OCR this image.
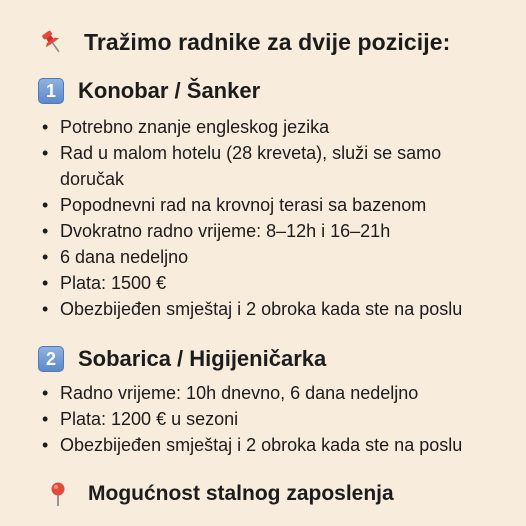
Tražimo radnike za dvije pozicije:
1	Konobar / Šanker
• Potrebno znanje engleskog jezika
• Rad u malom hotelu (28 kreveta), služi se samo doručak
• Popodnevni rad na krovnoj terasi sa bazenom
• Dvokratno radno vrijeme: 8–12h i 16–21h
• 6 dana nedeljno
• Plata: 1500 €
• Obezbijeđen smještaj i 2 obroka kada ste na poslu
2	Sobarica / Higijeničarka
• Radno vrijeme: 10h dnevno, 6 dana nedeljno
• Plata: 1200 € u sezoni
• Obezbijeđen smještaj i 2 obroka kada ste na poslu
Mogućnost stalnog zaposlenja
